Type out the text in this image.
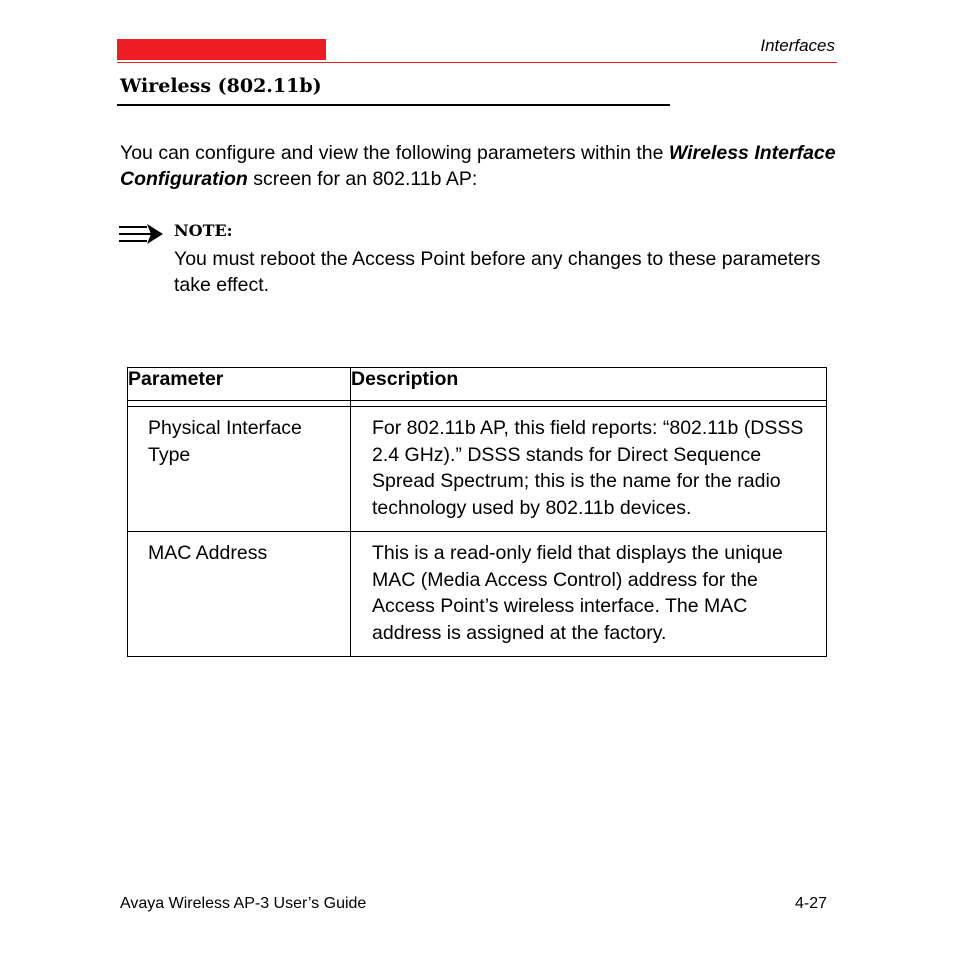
Interfaces
Wireless (802.11b)
You can configure and view the following parameters within the Wireless Interface Configuration screen for an 802.11b AP:
NOTE:
You must reboot the Access Point before any changes to these parameters take effect.
Parameter	Description

Physical Interface Type	For 802.11b AP, this field reports: “802.11b (DSSS 2.4 GHz).” DSSS stands for Direct Sequence Spread Spectrum; this is the name for the radio technology used by 802.11b devices.
MAC Address	This is a read-only field that displays the unique MAC (Media Access Control) address for the Access Point’s wireless interface. The MAC address is assigned at the factory.
Avaya Wireless AP-3 User’s Guide	4-27
